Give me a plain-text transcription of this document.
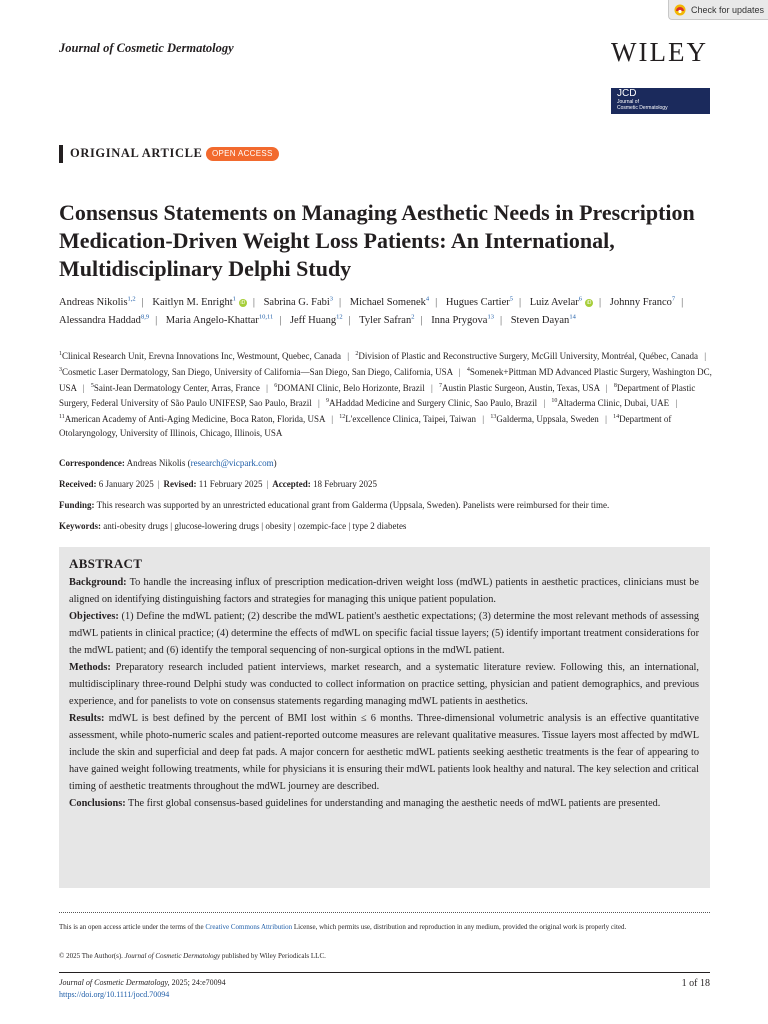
Check for updates
Journal of Cosmetic Dermatology	WILEY
JCD
Journal of
Cosmetic Dermatology
ORIGINAL ARTICLE	OPEN ACCESS
Consensus Statements on Managing Aesthetic Needs in Prescription Medication-Driven Weight Loss Patients: An International, Multidisciplinary Delphi Study
Andreas Nikolis$^{1,2}$ | Kaitlyn M. Enright$^1$iD | Sabrina G. Fabi$^3$ | Michael Somenek$^4$ | Hugues Cartier$^5$ | Luiz Avelar$^6$iD | Johnny Franco$^7$ | Alessandra Haddad$^{8,9}$ | Maria Angelo-Khattar$^{10,11}$ | Jeff Huang$^{12}$ | Tyler Safran$^2$ | Inna Prygova$^{13}$ | Steven Dayan$^{14}$
$^1$Clinical Research Unit, Erevna Innovations Inc, Westmount, Quebec, Canada | $^2$Division of Plastic and Reconstructive Surgery, McGill University, Montréal, Québec, Canada | $^3$Cosmetic Laser Dermatology, San Diego, University of California—San Diego, San Diego, California, USA | $^4$Somenek+Pittman MD Advanced Plastic Surgery, Washington DC, USA | $^5$Saint-Jean Dermatology Center, Arras, France | $^6$DOMANI Clinic, Belo Horizonte, Brazil | $^7$Austin Plastic Surgeon, Austin, Texas, USA | $^8$Department of Plastic Surgery, Federal University of São Paulo UNIFESP, Sao Paulo, Brazil | $^9$AHaddad Medicine and Surgery Clinic, Sao Paulo, Brazil | $^{10}$Altaderma Clinic, Dubai, UAE | $^{11}$American Academy of Anti-Aging Medicine, Boca Raton, Florida, USA | $^{12}$L'excellence Clinica, Taipei, Taiwan | $^{13}$Galderma, Uppsala, Sweden | $^{14}$Department of Otolaryngology, University of Illinois, Chicago, Illinois, USA
Correspondence: Andreas Nikolis (research@vicpark.com)
Received: 6 January 2025 | Revised: 11 February 2025 | Accepted: 18 February 2025
Funding: This research was supported by an unrestricted educational grant from Galderma (Uppsala, Sweden). Panelists were reimbursed for their time.
Keywords: anti-obesity drugs | glucose-lowering drugs | obesity | ozempic-face | type 2 diabetes
ABSTRACT

Background: To handle the increasing influx of prescription medication-driven weight loss (mdWL) patients in aesthetic practices, clinicians must be aligned on identifying distinguishing factors and strategies for managing this unique patient population.

Objectives: (1) Define the mdWL patient; (2) describe the mdWL patient's aesthetic expectations; (3) determine the most relevant methods of assessing mdWL patients in clinical practice; (4) determine the effects of mdWL on specific facial tissue layers; (5) identify important treatment considerations for the mdWL patient; and (6) identify the temporal sequencing of non-surgical options in the mdWL patient.

Methods: Preparatory research included patient interviews, market research, and a systematic literature review. Following this, an international, multidisciplinary three-round Delphi study was conducted to collect information on practice setting, physician and patient demographics, and previous experience, and for panelists to vote on consensus statements regarding managing mdWL patients in aesthetics.

Results: mdWL is best defined by the percent of BMI lost within ≤ 6 months. Three-dimensional volumetric analysis is an effective quantitative assessment, while photo-numeric scales and patient-reported outcome measures are relevant qualitative measures. Tissue layers most affected by mdWL include the skin and superficial and deep fat pads. A major concern for aesthetic mdWL patients seeking aesthetic treatments is the fear of appearing to have gained weight following treatments, while for physicians it is ensuring their mdWL patients look healthy and natural. The key selection and critical timing of aesthetic treatments throughout the mdWL journey are described.

Conclusions: The first global consensus-based guidelines for understanding and managing the aesthetic needs of mdWL patients are presented.

This is an open access article under the terms of the Creative Commons Attribution License, which permits use, distribution and reproduction in any medium, provided the original work is properly cited.
© 2025 The Author(s). Journal of Cosmetic Dermatology published by Wiley Periodicals LLC.
Journal of Cosmetic Dermatology, 2025; 24:e70094
https://doi.org/10.1111/jocd.70094
1 of 18
